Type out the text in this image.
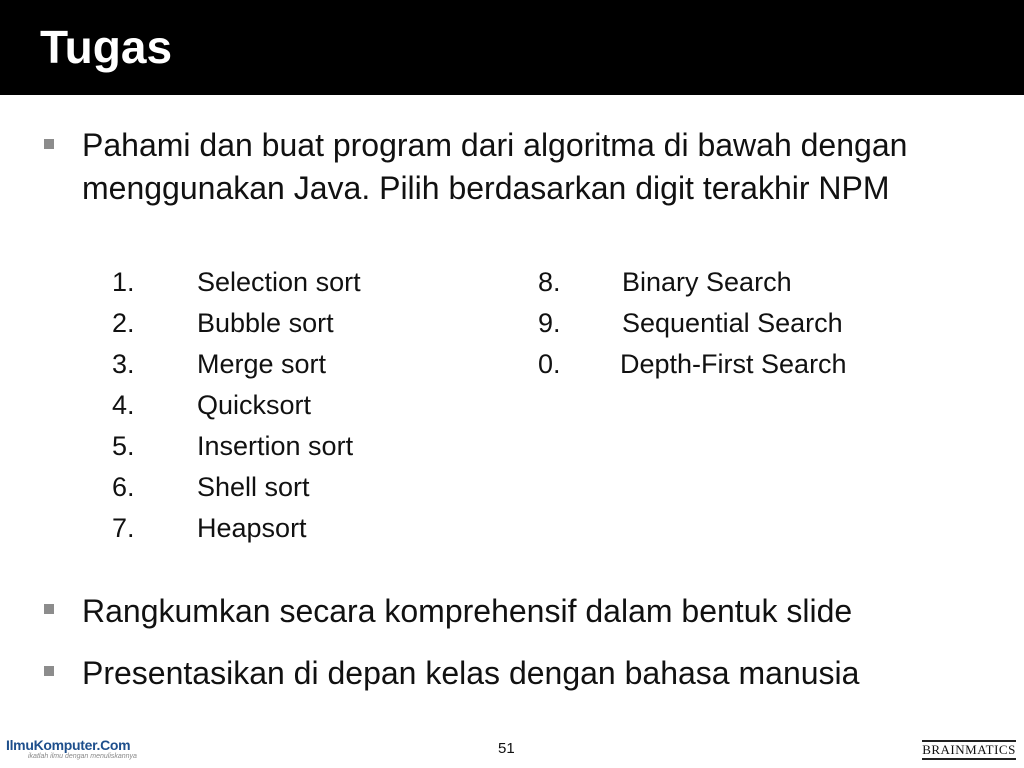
Tugas
Pahami dan buat program dari algoritma di bawah dengan menggunakan Java. Pilih berdasarkan digit terakhir NPM
1. Selection sort
2. Bubble sort
3. Merge sort
4. Quicksort
5. Insertion sort
6. Shell sort
7. Heapsort
8. Binary Search
9. Sequential Search
0. Depth-First Search
Rangkumkan secara komprehensif dalam bentuk slide
Presentasikan di depan kelas dengan bahasa manusia
IlmuKomputer.Com
ikatlah ilmu dengan menuliskannya	51	BRAINMATICS
